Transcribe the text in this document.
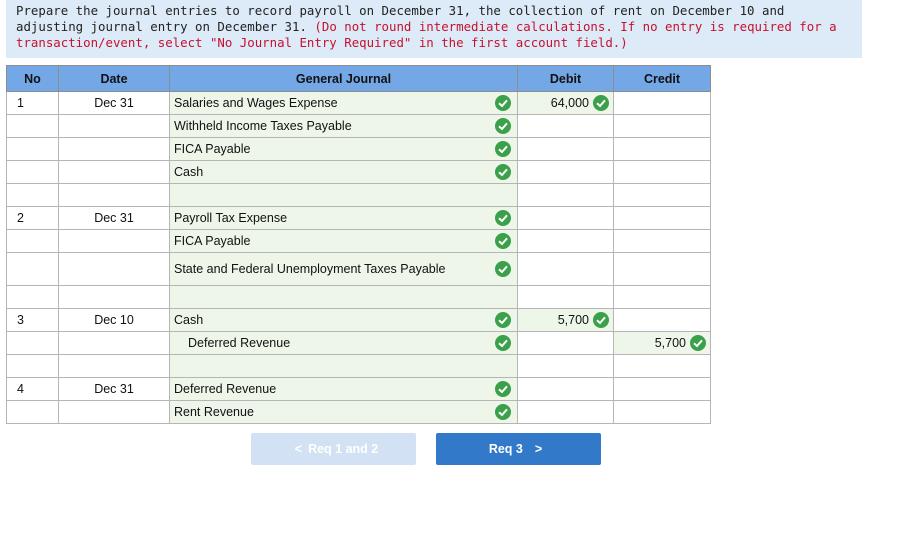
Prepare the journal entries to record payroll on December 31, the collection of rent on December 10 and adjusting journal entry on December 31. (Do not round intermediate calculations. If no entry is required for a transaction/event, select "No Journal Entry Required" in the first account field.)
No	Date	General Journal	Debit	Credit
1	Dec 31	Salaries and Wages Expense	64,000

		Withheld Income Taxes Payable

		FICA Payable

		Cash

2	Dec 31	Payroll Tax Expense

		FICA Payable

		State and Federal Unemployment Taxes Payable

3	Dec 10	Cash	5,700

		Deferred Revenue		5,700

4	Dec 31	Deferred Revenue

		Rent Revenue

< Req 1 and 2	Req 3 >
